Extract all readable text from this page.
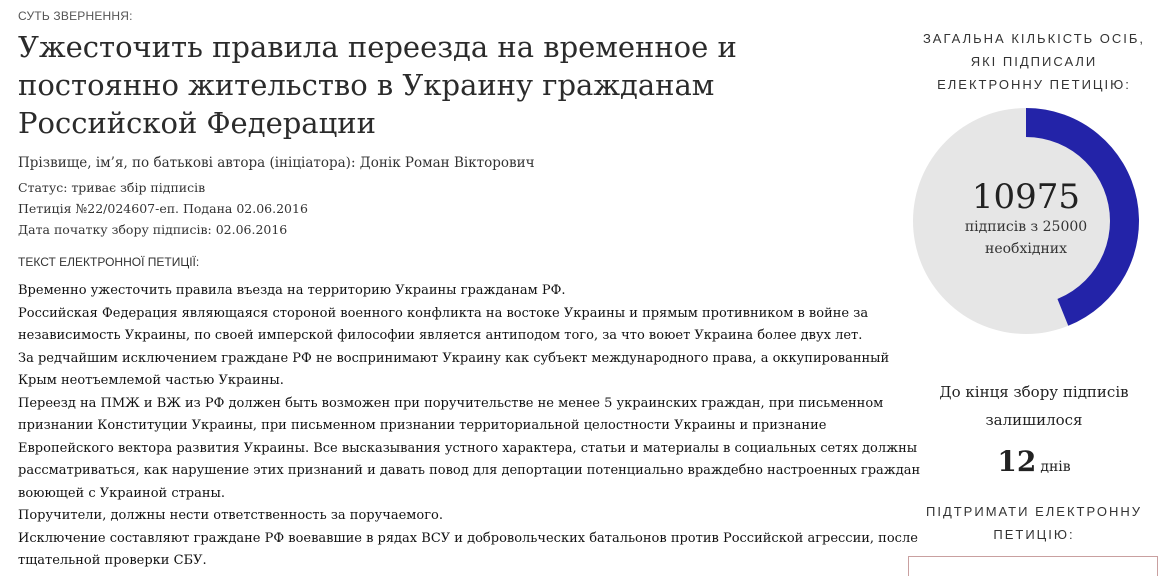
СУТЬ ЗВЕРНЕННЯ:
Ужесточить правила переезда на временное и постоянно жительство в Украину гражданам Российской Федерации
Прізвище, ім’я, по батькові автора (ініціатора): Донік Роман Вікторович
Статус: триває збір підписів
Петиція №22/024607-еп. Подана 02.06.2016
Дата початку збору підписів: 02.06.2016
ТЕКСТ ЕЛЕКТРОННОЇ ПЕТИЦІЇ:
Временно ужесточить правила въезда на территорию Украины гражданам РФ.
Российская Федерация являющаяся стороной военного конфликта на востоке Украины и прямым противником в войне за
независимость Украины, по своей имперской философии является антиподом того, за что воюет Украина более двух лет.
За редчайшим исключением граждане РФ не воспринимают Украину как субъект международного права, а оккупированный
Крым неотъемлемой частью Украины.
Переезд на ПМЖ и ВЖ из РФ должен быть возможен при поручительстве не менее 5 украинских граждан, при письменном
признании Конституции Украины, при письменном признании территориальной целостности Украины и признание
Европейского вектора развития Украины. Все высказывания устного характера, статьи и материалы в социальных сетях должны
рассматриваться, как нарушение этих признаний и давать повод для депортации потенциально враждебно настроенных граждан
воюющей с Украиной страны.
Поручители, должны нести ответственность за поручаемого.
Исключение составляют граждане РФ воевавшие в рядах ВСУ и добровольческих батальонов против Российской агрессии, после
тщательной проверки СБУ.
ЗАГАЛЬНА КІЛЬКІСТЬ ОСІБ,
ЯКІ ПІДПИСАЛИ
ЕЛЕКТРОННУ ПЕТИЦІЮ:
10975
підписів з 25000 необхідних
До кінця збору підписів
залишилося
12 днів
ПІДТРИМАТИ ЕЛЕКТРОННУ
ПЕТИЦІЮ:
